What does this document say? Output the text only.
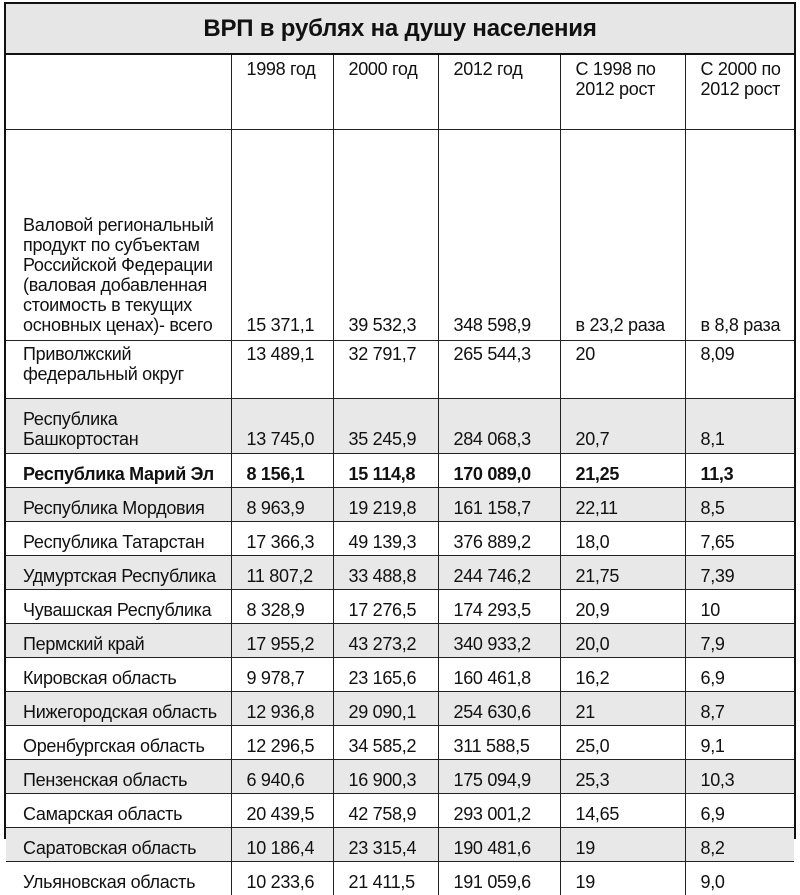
ВРП в рублях на душу населения
	1998 год	2000 год	2012 год	С 1998 по 2012 рост	С 2000 по 2012 рост
Валовой региональный продукт по субъектам Российской Федерации (валовая добавленная стоимость в текущих основных ценах)- всего	15 371,1	39 532,3	348 598,9	в 23,2 раза	в 8,8 раза
Приволжский федеральный округ	13 489,1	32 791,7	265 544,3	20	8,09
Республика Башкортостан	13 745,0	35 245,9	284 068,3	20,7	8,1
Республика Марий Эл	8 156,1	15 114,8	170 089,0	21,25	11,3
Республика Мордовия	8 963,9	19 219,8	161 158,7	22,11	8,5
Республика Татарстан	17 366,3	49 139,3	376 889,2	18,0	7,65
Удмуртская Республика	11 807,2	33 488,8	244 746,2	21,75	7,39
Чувашская Республика	8 328,9	17 276,5	174 293,5	20,9	10
Пермский край	17 955,2	43 273,2	340 933,2	20,0	7,9
Кировская область	9 978,7	23 165,6	160 461,8	16,2	6,9
Нижегородская область	12 936,8	29 090,1	254 630,6	21	8,7
Оренбургская область	12 296,5	34 585,2	311 588,5	25,0	9,1
Пензенская область	6 940,6	16 900,3	175 094,9	25,3	10,3
Самарская область	20 439,5	42 758,9	293 001,2	14,65	6,9
Саратовская область	10 186,4	23 315,4	190 481,6	19	8,2
Ульяновская область	10 233,6	21 411,5	191 059,6	19	9,0
